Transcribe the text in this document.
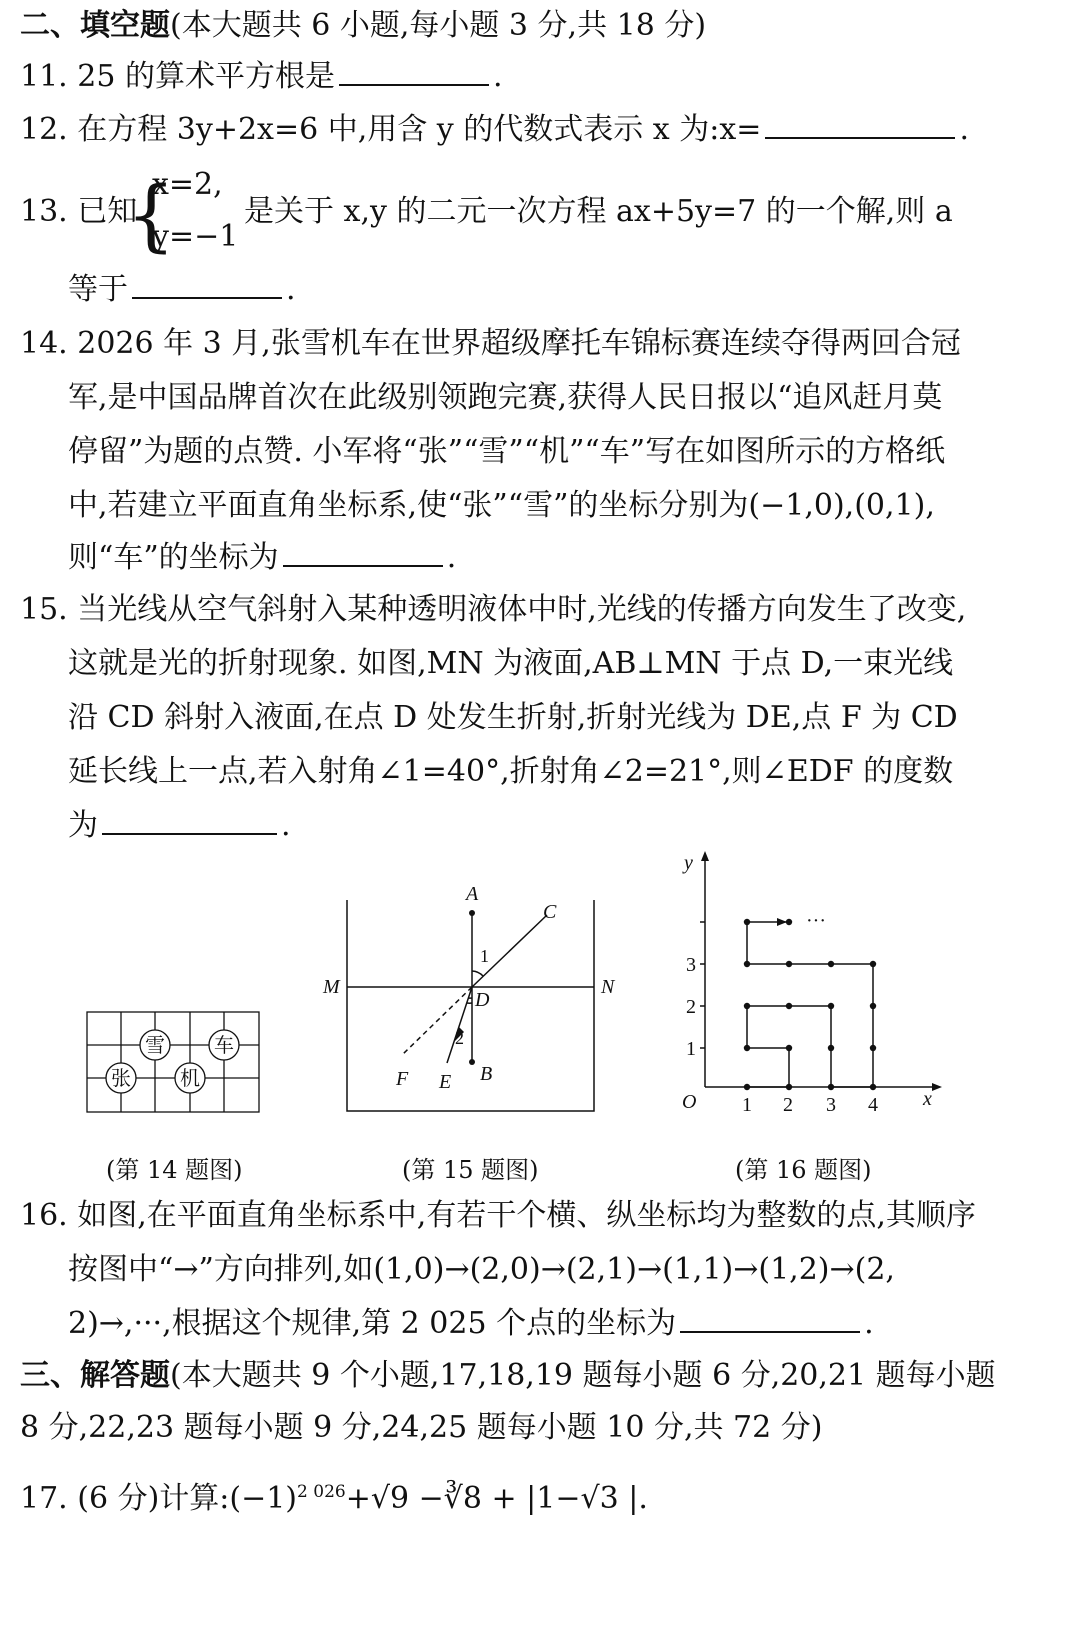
二、填空题(本大题共 6 小题,每小题 3 分,共 18 分)
11. 25 的算术平方根是	.
12. 在方程 3y+2x=6 中,用含 y 的代数式表示 x 为:x=	.
13. 已知
{
x=2,
y=−1
是关于 x,y 的二元一次方程 ax+5y=7 的一个解,则 a
等于	.
14. 2026 年 3 月,张雪机车在世界超级摩托车锦标赛连续夺得两回合冠
军,是中国品牌首次在此级别领跑完赛,获得人民日报以“追风赶月莫
停留”为题的点赞. 小军将“张”“雪”“机”“车”写在如图所示的方格纸
中,若建立平面直角坐标系,使“张”“雪”的坐标分别为(−1,0),(0,1),
则“车”的坐标为	.
15. 当光线从空气斜射入某种透明液体中时,光线的传播方向发生了改变,
这就是光的折射现象. 如图,MN 为液面,AB⊥MN 于点 D,一束光线
沿 CD 斜射入液面,在点 D 处发生折射,折射光线为 DE,点 F 为 CD
延长线上一点,若入射角∠1=40°,折射角∠2=21°,则∠EDF 的度数
为	.
雪 车
张 机
(第 14 题图)
A
B
C
D
E
F
M	N
1
2
(第 15 题图)
···
y
x
O 1 2 3 4
1
2
3
(第 16 题图)
16. 如图,在平面直角坐标系中,有若干个横、纵坐标均为整数的点,其顺序
按图中“→”方向排列,如(1,0)→(2,0)→(2,1)→(1,1)→(1,2)→(2,
2)→,···,根据这个规律,第 2 025 个点的坐标为	.
三、解答题(本大题共 9 个小题,17,18,19 题每小题 6 分,20,21 题每小题
8 分,22,23 题每小题 9 分,24,25 题每小题 10 分,共 72 分)
17. (6 分)计算$:(-1)^{2 026}+√9$ −∛8 + |1−√3 |.
